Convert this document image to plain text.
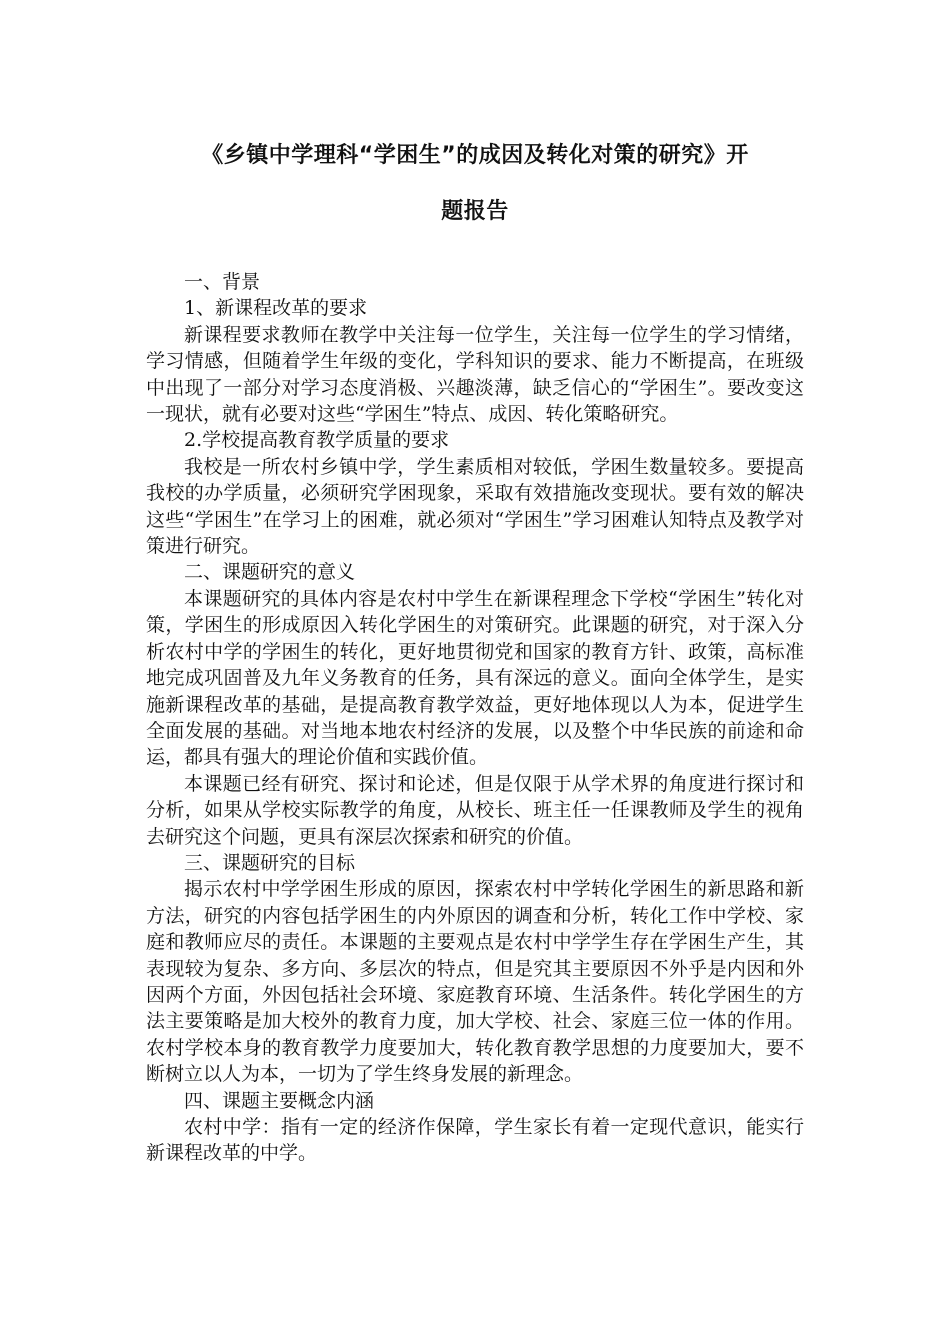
《乡镇中学理科“学困生”的成因及转化对策的研究》开
题报告

一、背景

1、新课程改革的要求

新课程要求教师在教学中关注每一位学生，关注每一位学生的学习情绪，学习情感，但随着学生年级的变化，学科知识的要求、能力不断提高，在班级中出现了一部分对学习态度消极、兴趣淡薄，缺乏信心的“学困生”。要改变这一现状，就有必要对这些“学困生”特点、成因、转化策略研究。

2.学校提高教育教学质量的要求

我校是一所农村乡镇中学，学生素质相对较低，学困生数量较多。要提高我校的办学质量，必须研究学困现象，采取有效措施改变现状。要有效的解决这些“学困生”在学习上的困难，就必须对“学困生”学习困难认知特点及教学对策进行研究。

二、课题研究的意义

本课题研究的具体内容是农村中学生在新课程理念下学校“学困生”转化对策，学困生的形成原因入转化学困生的对策研究。此课题的研究，对于深入分析农村中学的学困生的转化，更好地贯彻党和国家的教育方针、政策，高标准地完成巩固普及九年义务教育的任务，具有深远的意义。面向全体学生，是实施新课程改革的基础，是提高教育教学效益，更好地体现以人为本，促进学生全面发展的基础。对当地本地农村经济的发展，以及整个中华民族的前途和命运，都具有强大的理论价值和实践价值。

本课题已经有研究、探讨和论述，但是仅限于从学术界的角度进行探讨和分析，如果从学校实际教学的角度，从校长、班主任一任课教师及学生的视角去研究这个问题，更具有深层次探索和研究的价值。

三、课题研究的目标

揭示农村中学学困生形成的原因，探索农村中学转化学困生的新思路和新方法，研究的内容包括学困生的内外原因的调查和分析，转化工作中学校、家庭和教师应尽的责任。本课题的主要观点是农村中学学生存在学困生产生，其表现较为复杂、多方向、多层次的特点，但是究其主要原因不外乎是内因和外因两个方面，外因包括社会环境、家庭教育环境、生活条件。转化学困生的方法主要策略是加大校外的教育力度，加大学校、社会、家庭三位一体的作用。农村学校本身的教育教学力度要加大，转化教育教学思想的力度要加大，要不断树立以人为本，一切为了学生终身发展的新理念。

四、课题主要概念内涵

农村中学：指有一定的经济作保障，学生家长有着一定现代意识，能实行新课程改革的中学。
